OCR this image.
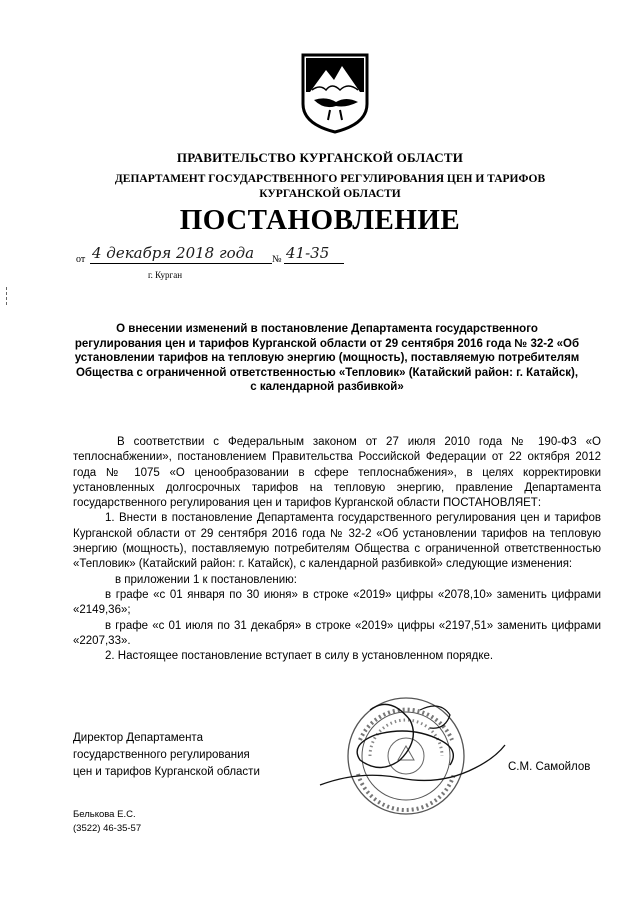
ПРАВИТЕЛЬСТВО КУРГАНСКОЙ ОБЛАСТИ
ДЕПАРТАМЕНТ ГОСУДАРСТВЕННОГО РЕГУЛИРОВАНИЯ ЦЕН И ТАРИФОВ КУРГАНСКОЙ ОБЛАСТИ
ПОСТАНОВЛЕНИЕ
от 4 декабря 2018 года № 41-35
г. Курган
О внесении изменений в постановление Департамента государственного регулирования цен и тарифов Курганской области от 29 сентября 2016 года № 32-2 «Об установлении тарифов на тепловую энергию (мощность), поставляемую потребителям Общества с ограниченной ответственностью «Тепловик» (Катайский район: г. Катайск), с календарной разбивкой»

В соответствии с Федеральным законом от 27 июля 2010 года № 190-ФЗ «О теплоснабжении», постановлением Правительства Российской Федерации от 22 октября 2012 года № 1075 «О ценообразовании в сфере теплоснабжения», в целях корректировки установленных долгосрочных тарифов на тепловую энергию, правление Департамента государственного регулирования цен и тарифов Курганской области ПОСТАНОВЛЯЕТ:

1. Внести в постановление Департамента государственного регулирования цен и тарифов Курганской области от 29 сентября 2016 года № 32-2 «Об установлении тарифов на тепловую энергию (мощность), поставляемую потребителям Общества с ограниченной ответственностью «Тепловик» (Катайский район: г. Катайск), с календарной разбивкой» следующие изменения:

в приложении 1 к постановлению:

в графе «с 01 января по 30 июня» в строке «2019» цифры «2078,10» заменить цифрами «2149,36»;

в графе «с 01 июля по 31 декабря» в строке «2019» цифры «2197,51» заменить цифрами «2207,33».

2. Настоящее постановление вступает в силу в установленном порядке.

Директор Департамента
государственного регулирования
цен и тарифов Курганской области	С.М. Самойлов
Белькова Е.С.
(3522) 46-35-57
